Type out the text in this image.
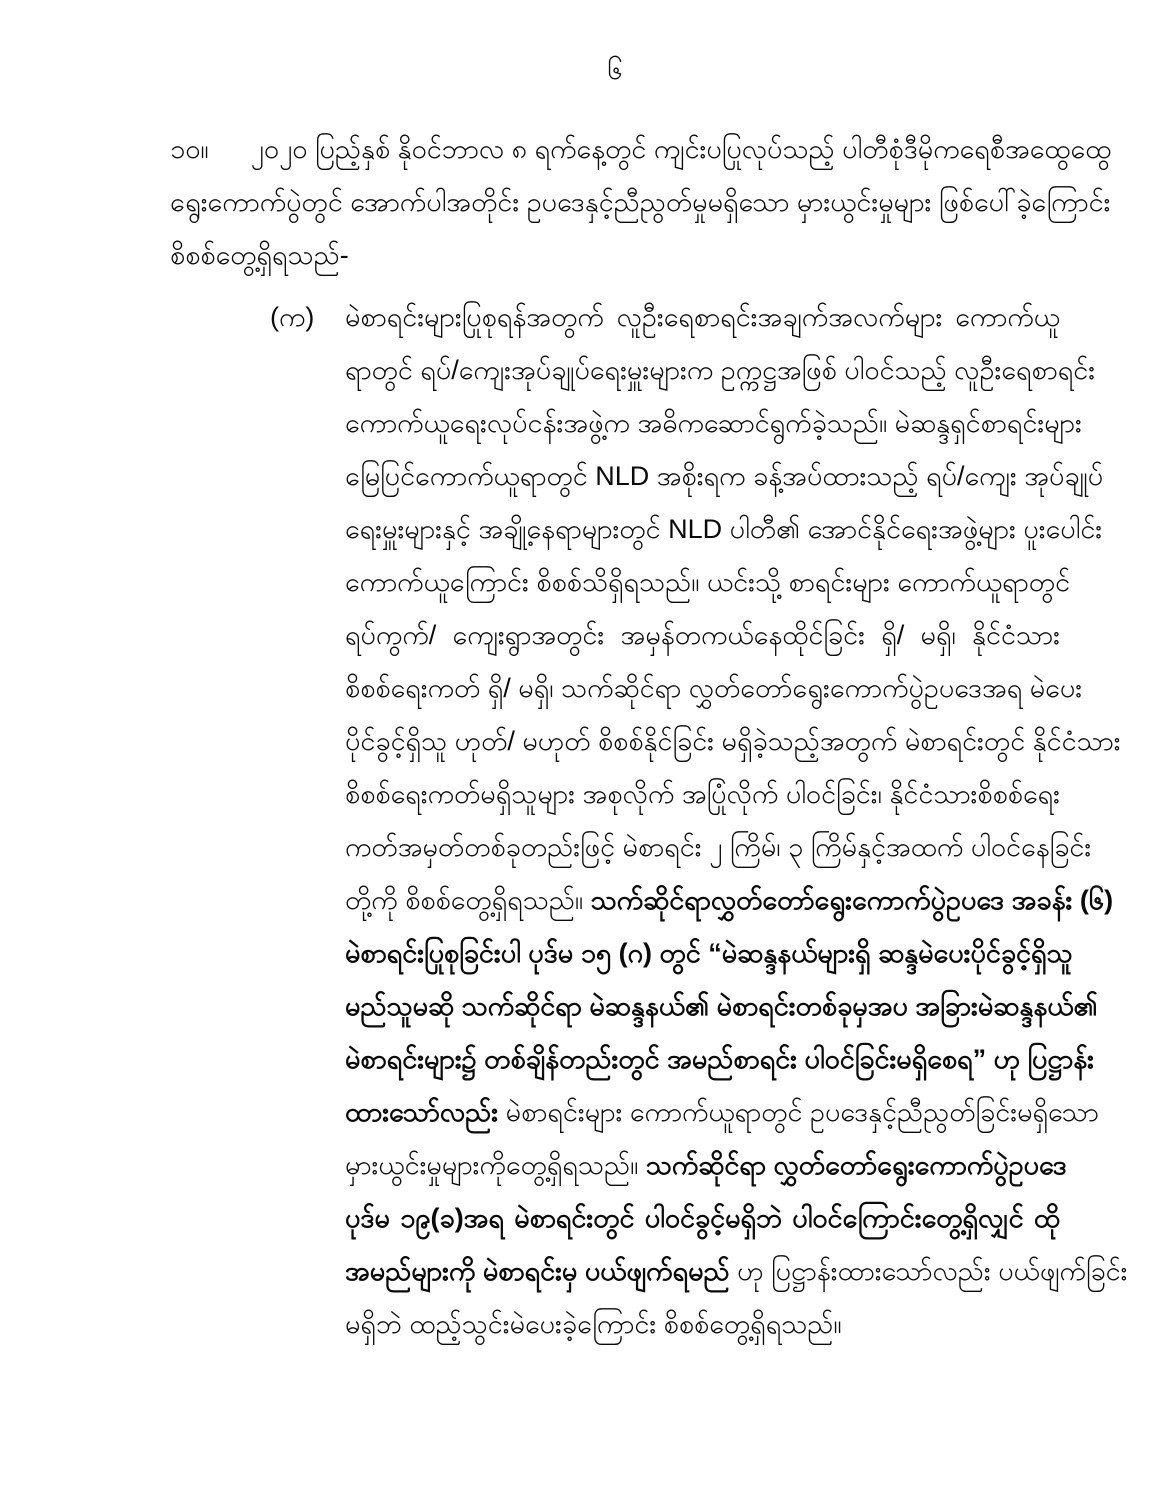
၆
၁၀။ ၂၀၂၀ ပြည့်နှစ် နိုဝင်ဘာလ ၈ ရက်နေ့တွင် ကျင်းပပြုလုပ်သည့် ပါတီစုံဒီမိုကရေစီအထွေထွေ
ရွေးကောက်ပွဲတွင် အောက်ပါအတိုင်း ဥပဒေနှင့်ညီညွတ်မှုမရှိသော မှားယွင်းမှုများ ဖြစ်ပေါ်ခဲ့ကြောင်း
စိစစ်တွေ့ရှိရသည်-
(က)	မဲစာရင်းများပြုစုရန်အတွက် လူဦးရေစာရင်းအချက်အလက်များ ကောက်ယူ
ရာတွင် ရပ်/ကျေးအုပ်ချုပ်ရေးမှူးများက ဥက္ကဋ္ဌအဖြစ် ပါဝင်သည့် လူဦးရေစာရင်း
ကောက်ယူရေးလုပ်ငန်းအဖွဲ့က အဓိကဆောင်ရွက်ခဲ့သည်။ မဲဆန္ဒရှင်စာရင်းများ
မြေပြင်ကောက်ယူရာတွင် NLD အစိုးရက ခန့်အပ်ထားသည့် ရပ်/ကျေး အုပ်ချုပ်
ရေးမှူးများနှင့် အချို့နေရာများတွင် NLD ပါတီ၏ အောင်နိုင်ရေးအဖွဲ့များ ပူးပေါင်း
ကောက်ယူကြောင်း စိစစ်သိရှိရသည်။ ယင်းသို့ စာရင်းများ ကောက်ယူရာတွင်
ရပ်ကွက်/ ကျေးရွာအတွင်း အမှန်တကယ်နေထိုင်ခြင်း ရှိ/ မရှိ၊ နိုင်ငံသား
စိစစ်ရေးကတ် ရှိ/ မရှိ၊ သက်ဆိုင်ရာ လွှတ်တော်ရွေးကောက်ပွဲဥပဒေအရ မဲပေး
ပိုင်ခွင့်ရှိသူ ဟုတ်/ မဟုတ် စိစစ်နိုင်ခြင်း မရှိခဲ့သည့်အတွက် မဲစာရင်းတွင် နိုင်ငံသား
စိစစ်ရေးကတ်မရှိသူများ အစုလိုက် အပြုံလိုက် ပါဝင်ခြင်း၊ နိုင်ငံသားစိစစ်ရေး
ကတ်အမှတ်တစ်ခုတည်းဖြင့် မဲစာရင်း ၂ ကြိမ်၊ ၃ ကြိမ်နှင့်အထက် ပါဝင်နေခြင်း
တို့ကို စိစစ်တွေ့ရှိရသည်။ သက်ဆိုင်ရာလွှတ်တော်ရွေးကောက်ပွဲဥပဒေ အခန်း (၆)
မဲစာရင်းပြုစုခြင်းပါ ပုဒ်မ ၁၅ (ဂ) တွင် “မဲဆန္ဒနယ်များရှိ ဆန္ဒမဲပေးပိုင်ခွင့်ရှိသူ
မည်သူမဆို သက်ဆိုင်ရာ မဲဆန္ဒနယ်၏ မဲစာရင်းတစ်ခုမှအပ အခြားမဲဆန္ဒနယ်၏
မဲစာရင်းများ၌ တစ်ချိန်တည်းတွင် အမည်စာရင်း ပါဝင်ခြင်းမရှိစေရ” ဟု ပြဋ္ဌာန်း
ထားသော်လည်း မဲစာရင်းများ ကောက်ယူရာတွင် ဥပဒေနှင့်ညီညွတ်ခြင်းမရှိသော
မှားယွင်းမှုများကိုတွေ့ရှိရသည်။ သက်ဆိုင်ရာ လွှတ်တော်ရွေးကောက်ပွဲဥပဒေ
ပုဒ်မ ၁၉(ခ)အရ မဲစာရင်းတွင် ပါဝင်ခွင့်မရှိဘဲ ပါဝင်ကြောင်းတွေ့ရှိလျှင် ထို
အမည်များကို မဲစာရင်းမှ ပယ်ဖျက်ရမည် ဟု ပြဋ္ဌာန်းထားသော်လည်း ပယ်ဖျက်ခြင်း
မရှိဘဲ ထည့်သွင်းမဲပေးခဲ့ကြောင်း စိစစ်တွေ့ရှိရသည်။
